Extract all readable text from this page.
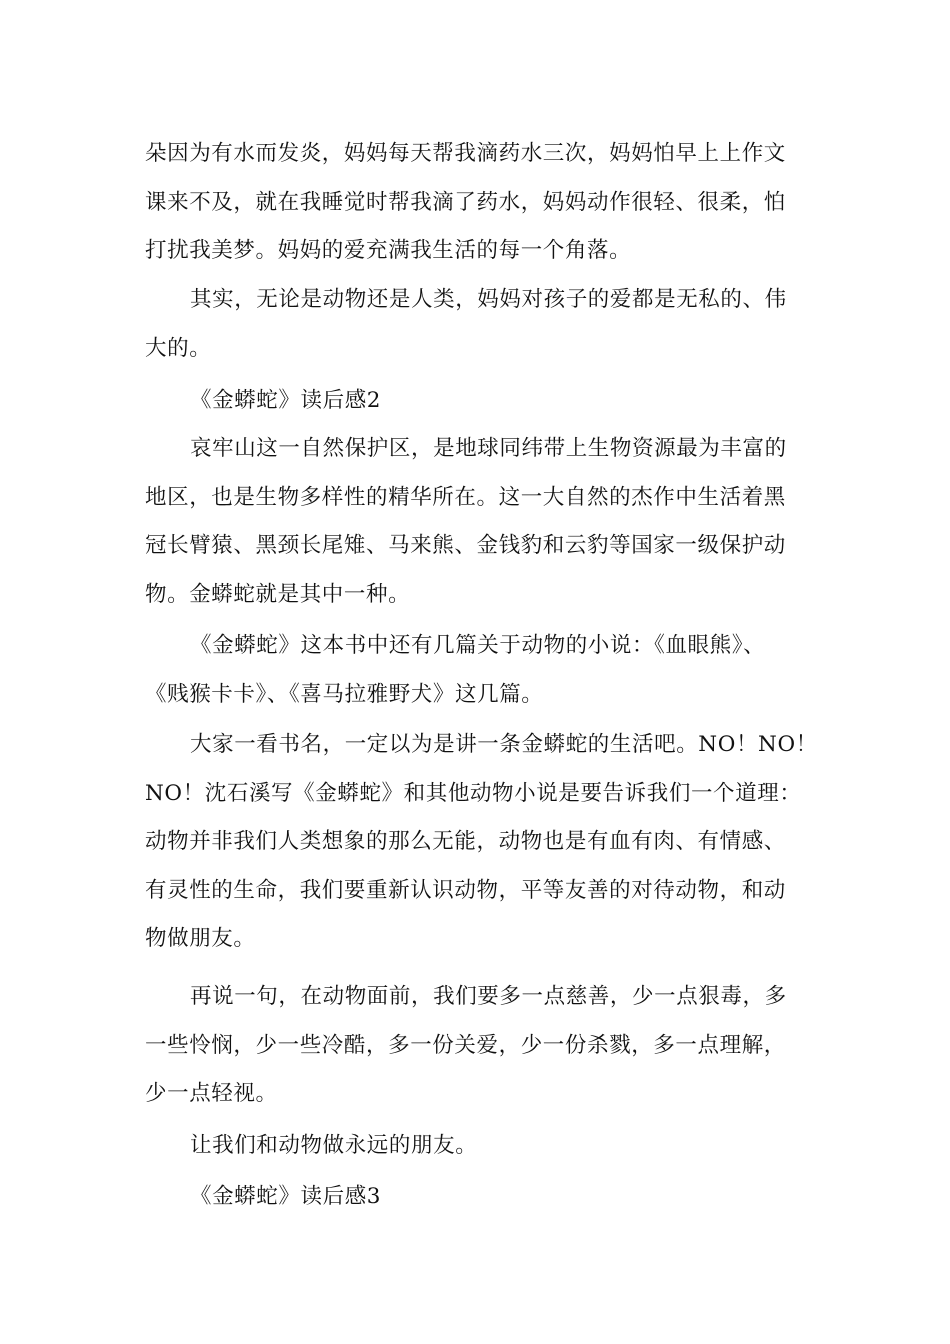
朵因为有水而发炎，妈妈每天帮我滴药水三次，妈妈怕早上上作文
课来不及，就在我睡觉时帮我滴了药水，妈妈动作很轻、很柔，怕
打扰我美梦。妈妈的爱充满我生活的每一个角落。
其实，无论是动物还是人类，妈妈对孩子的爱都是无私的、伟
大的。
《金蟒蛇》读后感2
哀牢山这一自然保护区，是地球同纬带上生物资源最为丰富的
地区，也是生物多样性的精华所在。这一大自然的杰作中生活着黑
冠长臂猿、黑颈长尾雉、马来熊、金钱豹和云豹等国家一级保护动
物。金蟒蛇就是其中一种。
《金蟒蛇》这本书中还有几篇关于动物的小说：《血眼熊》、
《贱猴卡卡》、《喜马拉雅野犬》这几篇。
大家一看书名，一定以为是讲一条金蟒蛇的生活吧。NO！NO！
NO！沈石溪写《金蟒蛇》和其他动物小说是要告诉我们一个道理：
动物并非我们人类想象的那么无能，动物也是有血有肉、有情感、
有灵性的生命，我们要重新认识动物，平等友善的对待动物，和动
物做朋友。
再说一句，在动物面前，我们要多一点慈善，少一点狠毒，多
一些怜悯，少一些冷酷，多一份关爱，少一份杀戮，多一点理解，
少一点轻视。
让我们和动物做永远的朋友。
《金蟒蛇》读后感3
